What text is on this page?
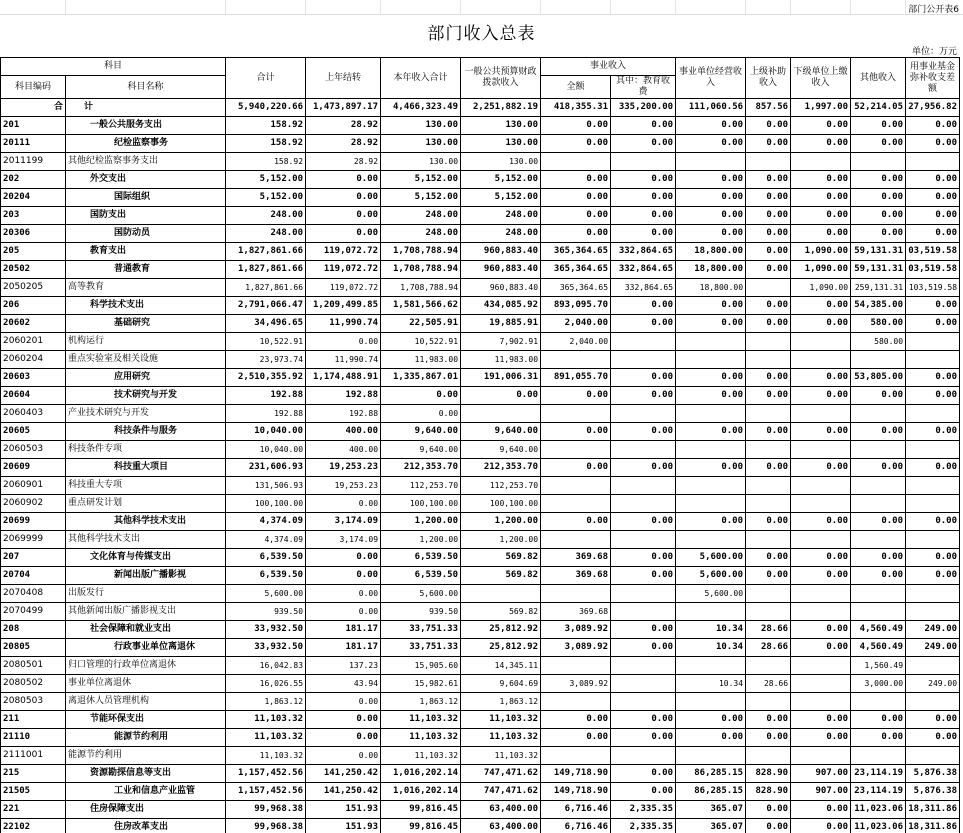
部门公开表6
部门收入总表
单位：万元
科目		合计	上年结转	本年收入合计	一般公共预算财政拨款收入	事业收入		事业单位经营收入	上级补助收入	下级单位上缴收入	其他收入	用事业基金弥补收支差额
科目编码	科目名称					全额	其中：教育收费					
合	计	5,940,220.66	1,473,897.17	4,466,323.49	2,251,882.19	418,355.31	335,200.00	111,060.56	857.56	1,997.00	52,214.05	27,956.82
201	一般公共服务支出	158.92	28.92	130.00	130.00	0.00	0.00	0.00	0.00	0.00	0.00	0.00
20111	纪检监察事务	158.92	28.92	130.00	130.00	0.00	0.00	0.00	0.00	0.00	0.00	0.00
2011199	其他纪检监察事务支出	158.92	28.92	130.00	130.00							
202	外交支出	5,152.00	0.00	5,152.00	5,152.00	0.00	0.00	0.00	0.00	0.00	0.00	0.00
20204	国际组织	5,152.00	0.00	5,152.00	5,152.00	0.00	0.00	0.00	0.00	0.00	0.00	0.00
203	国防支出	248.00	0.00	248.00	248.00	0.00	0.00	0.00	0.00	0.00	0.00	0.00
20306	国防动员	248.00	0.00	248.00	248.00	0.00	0.00	0.00	0.00	0.00	0.00	0.00
205	教育支出	1,827,861.66	119,072.72	1,708,788.94	960,883.40	365,364.65	332,864.65	18,800.00	0.00	1,090.00	59,131.31	03,519.58
20502	普通教育	1,827,861.66	119,072.72	1,708,788.94	960,883.40	365,364.65	332,864.65	18,800.00	0.00	1,090.00	59,131.31	03,519.58
2050205	高等教育	1,827,861.66	119,072.72	1,708,788.94	960,883.40	365,364.65	332,864.65	18,800.00		1,090.00	259,131.31	103,519.58
206	科学技术支出	2,791,066.47	1,209,499.85	1,581,566.62	434,085.92	893,095.70	0.00	0.00	0.00	0.00	54,385.00	0.00
20602	基础研究	34,496.65	11,990.74	22,505.91	19,885.91	2,040.00	0.00	0.00	0.00	0.00	580.00	0.00
2060201	机构运行	10,522.91	0.00	10,522.91	7,902.91	2,040.00					580.00	
2060204	重点实验室及相关设施	23,973.74	11,990.74	11,983.00	11,983.00							
20603	应用研究	2,510,355.92	1,174,488.91	1,335,867.01	191,006.31	891,055.70	0.00	0.00	0.00	0.00	53,805.00	0.00
20604	技术研究与开发	192.88	192.88	0.00	0.00	0.00	0.00	0.00	0.00	0.00	0.00	0.00
2060403	产业技术研究与开发	192.88	192.88	0.00								
20605	科技条件与服务	10,040.00	400.00	9,640.00	9,640.00	0.00	0.00	0.00	0.00	0.00	0.00	0.00
2060503	科技条件专项	10,040.00	400.00	9,640.00	9,640.00							
20609	科技重大项目	231,606.93	19,253.23	212,353.70	212,353.70	0.00	0.00	0.00	0.00	0.00	0.00	0.00
2060901	科技重大专项	131,506.93	19,253.23	112,253.70	112,253.70							
2060902	重点研发计划	100,100.00	0.00	100,100.00	100,100.00							
20699	其他科学技术支出	4,374.09	3,174.09	1,200.00	1,200.00	0.00	0.00	0.00	0.00	0.00	0.00	0.00
2069999	其他科学技术支出	4,374.09	3,174.09	1,200.00	1,200.00							
207	文化体育与传媒支出	6,539.50	0.00	6,539.50	569.82	369.68	0.00	5,600.00	0.00	0.00	0.00	0.00
20704	新闻出版广播影视	6,539.50	0.00	6,539.50	569.82	369.68	0.00	5,600.00	0.00	0.00	0.00	0.00
2070408	出版发行	5,600.00	0.00	5,600.00				5,600.00				
2070499	其他新闻出版广播影视支出	939.50	0.00	939.50	569.82	369.68						
208	社会保障和就业支出	33,932.50	181.17	33,751.33	25,812.92	3,089.92	0.00	10.34	28.66	0.00	4,560.49	249.00
20805	行政事业单位离退休	33,932.50	181.17	33,751.33	25,812.92	3,089.92	0.00	10.34	28.66	0.00	4,560.49	249.00
2080501	归口管理的行政单位离退休	16,042.83	137.23	15,905.60	14,345.11						1,560.49	
2080502	事业单位离退休	16,026.55	43.94	15,982.61	9,604.69	3,089.92		10.34	28.66		3,000.00	249.00
2080503	离退休人员管理机构	1,863.12	0.00	1,863.12	1,863.12							
211	节能环保支出	11,103.32	0.00	11,103.32	11,103.32	0.00	0.00	0.00	0.00	0.00	0.00	0.00
21110	能源节约利用	11,103.32	0.00	11,103.32	11,103.32	0.00	0.00	0.00	0.00	0.00	0.00	0.00
2111001	能源节约利用	11,103.32	0.00	11,103.32	11,103.32							
215	资源勘探信息等支出	1,157,452.56	141,250.42	1,016,202.14	747,471.62	149,718.90	0.00	86,285.15	828.90	907.00	23,114.19	5,876.38
21505	工业和信息产业监管	1,157,452.56	141,250.42	1,016,202.14	747,471.62	149,718.90	0.00	86,285.15	828.90	907.00	23,114.19	5,876.38
221	住房保障支出	99,968.38	151.93	99,816.45	63,400.00	6,716.46	2,335.35	365.07	0.00	0.00	11,023.06	18,311.86
22102	住房改革支出	99,968.38	151.93	99,816.45	63,400.00	6,716.46	2,335.35	365.07	0.00	0.00	11,023.06	18,311.86
